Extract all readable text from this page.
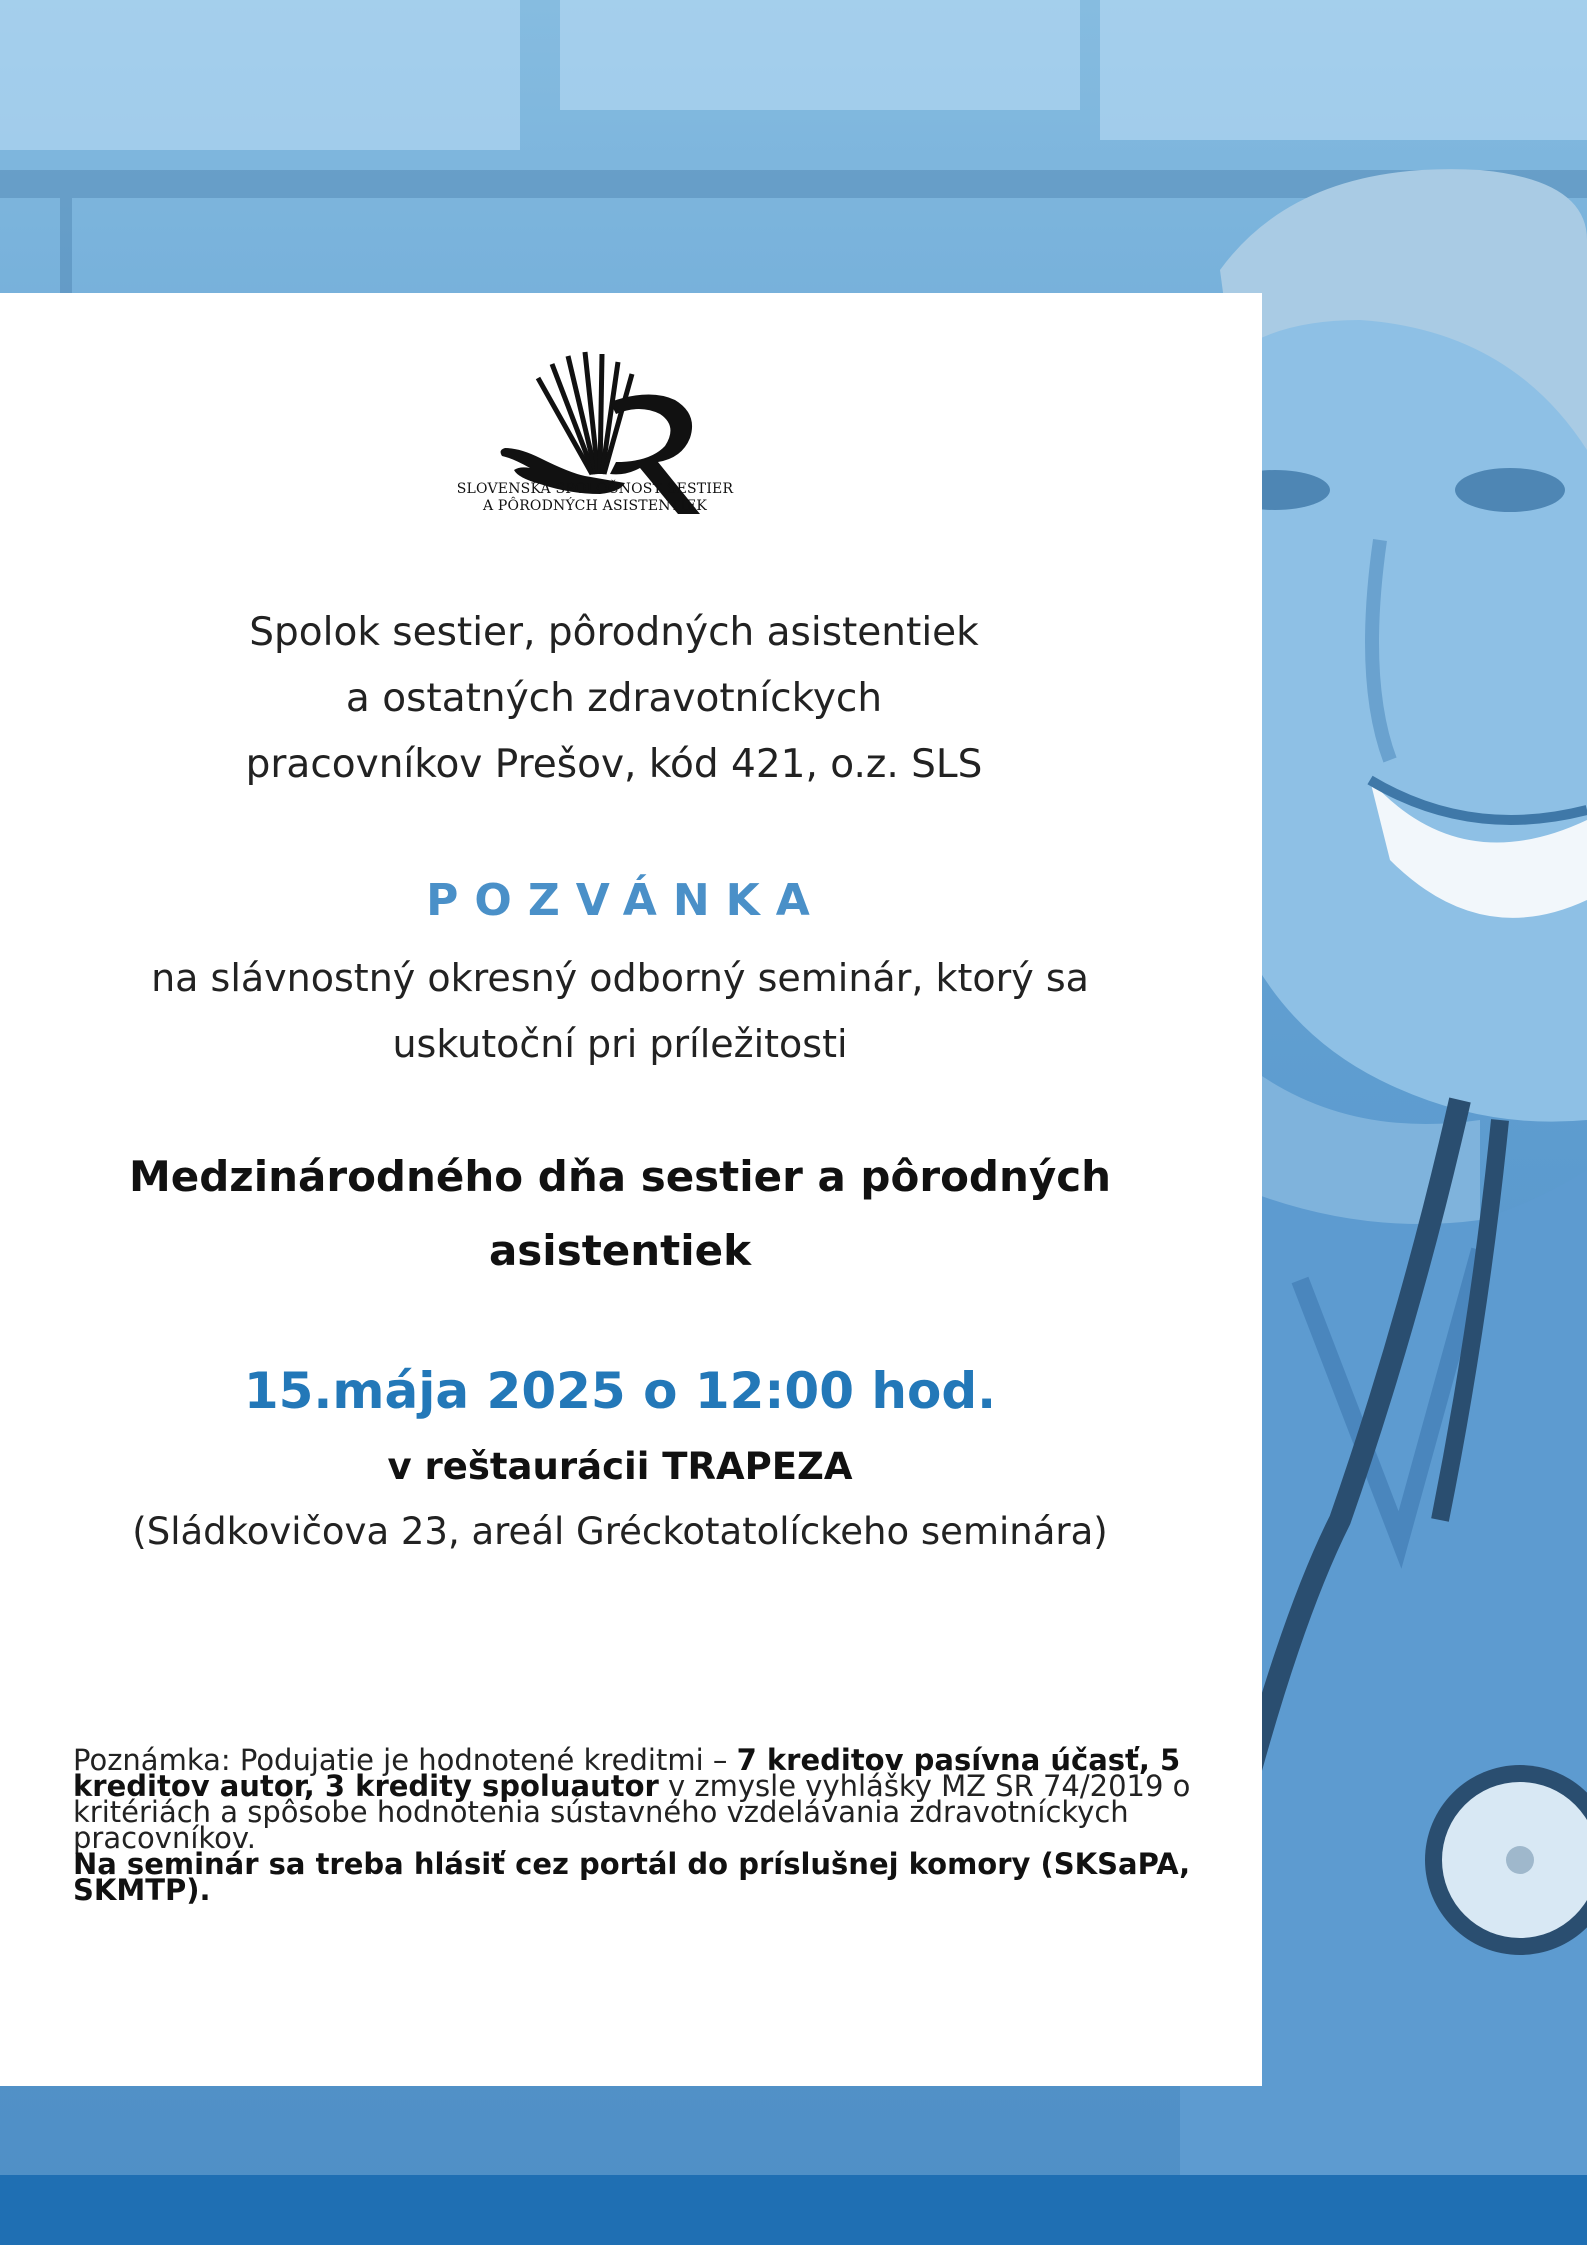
SLOVENSKÁ SPOLOČNOSŤ SESTIER
A PÔRODNÝCH ASISTENTIEK
Spolok sestier, pôrodných asistentiek
a ostatných zdravotníckych
pracovníkov Prešov, kód 421, o.z. SLS
POZVÁNKA
na slávnostný okresný odborný seminár, ktorý sa
uskutoční pri príležitosti
Medzinárodného dňa sestier a pôrodných
asistentiek
15.mája 2025 o 12:00 hod.
v reštaurácii TRAPEZA
(Sládkovičova 23, areál Gréckotatolíckeho seminára)
Poznámka: Podujatie je hodnotené kreditmi – 7 kreditov pasívna účasť, 5 kreditov autor, 3 kredity spoluautor v zmysle vyhlášky MZ SR 74/2019 o kritériách a spôsobe hodnotenia sústavného vzdelávania zdravotníckych pracovníkov.
Na seminár sa treba hlásiť cez portál do príslušnej komory (SKSaPA, SKMTP).
